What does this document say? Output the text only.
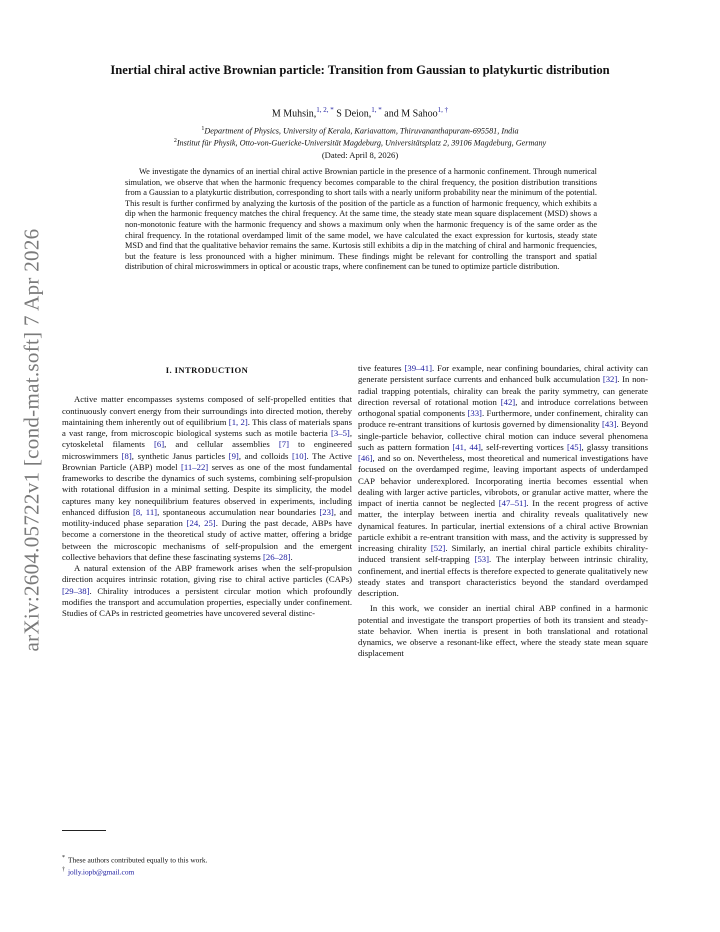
arXiv:2604.05722v1 [cond-mat.soft] 7 Apr 2026
Inertial chiral active Brownian particle: Transition from Gaussian to platykurtic distribution
M Muhsin,$^{1, 2, *}$ S Deion,$^{1, *}$ and M Sahoo$^{1, \dagger}$
$^1$Department of Physics, University of Kerala, Kariavattom, Thiruvananthapuram-695581, India
$^2$Institut für Physik, Otto-von-Guericke-Universität Magdeburg, Universitätsplatz 2, 39106 Magdeburg, Germany
(Dated: April 8, 2026)

We investigate the dynamics of an inertial chiral active Brownian particle in the presence of a harmonic confinement. Through numerical simulation, we observe that when the harmonic frequency becomes comparable to the chiral frequency, the position distribution transitions from a Gaussian to a platykurtic distribution, corresponding to short tails with a nearly uniform probability near the minimum of the potential. This result is further confirmed by analyzing the kurtosis of the position of the particle as a function of harmonic frequency, which exhibits a dip when the harmonic frequency matches the chiral frequency. At the same time, the steady state mean square displacement (MSD) shows a non-monotonic feature with the harmonic frequency and shows a maximum only when the harmonic frequency is of the same order as the chiral frequency. In the rotational overdamped limit of the same model, we have calculated the exact expression for kurtosis, steady state MSD and find that the qualitative behavior remains the same. Kurtosis still exhibits a dip in the matching of chiral and harmonic frequencies, but the feature is less pronounced with a higher minimum. These findings might be relevant for controlling the transport and spatial distribution of chiral microswimmers in optical or acoustic traps, where confinement can be tuned to optimize particle distribution.

I. INTRODUCTION

Active matter encompasses systems composed of self-propelled entities that continuously convert energy from their surroundings into directed motion, thereby maintaining them inherently out of equilibrium [1, 2]. This class of materials spans a vast range, from microscopic biological systems such as motile bacteria [3–5], cytoskeletal filaments [6], and cellular assemblies [7] to engineered microswimmers [8], synthetic Janus particles [9], and colloids [10]. The Active Brownian Particle (ABP) model [11–22] serves as one of the most fundamental frameworks to describe the dynamics of such systems, combining self-propulsion with rotational diffusion in a minimal setting. Despite its simplicity, the model captures many key nonequilibrium features observed in experiments, including enhanced diffusion [8, 11], spontaneous accumulation near boundaries [23], and motility-induced phase separation [24, 25]. During the past decade, ABPs have become a cornerstone in the theoretical study of active matter, offering a bridge between the microscopic mechanisms of self-propulsion and the emergent collective behaviors that define these fascinating systems [26–28].

A natural extension of the ABP framework arises when the self-propulsion direction acquires intrinsic rotation, giving rise to chiral active particles (CAPs) [29–38]. Chirality introduces a persistent circular motion which profoundly modifies the transport and accumulation properties, especially under confinement. Studies of CAPs in restricted geometries have uncovered several distinc-

tive features [39–41]. For example, near confining boundaries, chiral activity can generate persistent surface currents and enhanced bulk accumulation [32]. In non-radial trapping potentials, chirality can break the parity symmetry, can generate direction reversal of rotational motion [42], and introduce correlations between orthogonal spatial components [33]. Furthermore, under confinement, chirality can produce re-entrant transitions of kurtosis governed by dimensionality [43]. Beyond single-particle behavior, collective chiral motion can induce several phenomena such as pattern formation [41, 44], self-reverting vortices [45], glassy transitions [46], and so on. Nevertheless, most theoretical and numerical investigations have focused on the overdamped regime, leaving important aspects of underdamped CAP behavior underexplored. Incorporating inertia becomes essential when dealing with larger active particles, vibrobots, or granular active matter, where the impact of inertia cannot be neglected [47–51]. In the recent progress of active matter, the interplay between inertia and chirality reveals qualitatively new dynamical features. In particular, inertial extensions of a chiral active Brownian particle exhibit a re-entrant transition with mass, and the activity is suppressed by increasing chirality [52]. Similarly, an inertial chiral particle exhibits chirality-induced transient self-trapping [53]. The interplay between intrinsic chirality, confinement, and inertial effects is therefore expected to generate qualitatively new steady states and transport characteristics beyond the standard overdamped description.

In this work, we consider an inertial chiral ABP confined in a harmonic potential and investigate the transport properties of both its transient and steady-state behavior. When inertia is present in both translational and rotational dynamics, we observe a resonant-like effect, where the steady state mean square displacement

* These authors contributed equally to this work.
† jolly.iopb@gmail.com
